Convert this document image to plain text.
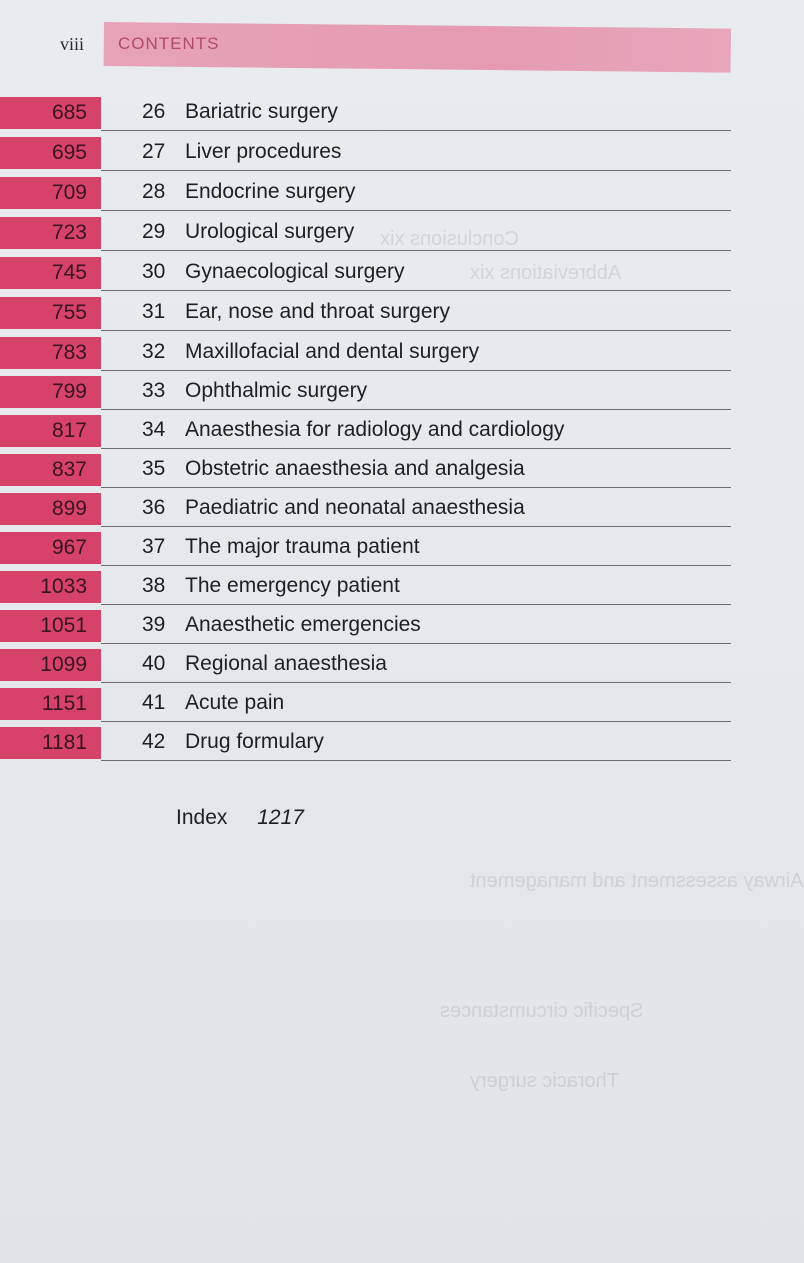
viii CONTENTS
Conclusions xix
Abbreviations xix
Airway assessment and management
Specific circumstances
Thoracic surgery
685	26 Bariatric surgery
695	27 Liver procedures
709	28 Endocrine surgery
723	29 Urological surgery
745	30 Gynaecological surgery
755	31 Ear, nose and throat surgery
783	32 Maxillofacial and dental surgery
799	33 Ophthalmic surgery
817	34 Anaesthesia for radiology and cardiology
837	35 Obstetric anaesthesia and analgesia
899	36 Paediatric and neonatal anaesthesia
967	37 The major trauma patient
1033	38 The emergency patient
1051	39 Anaesthetic emergencies
1099	40 Regional anaesthesia
1151	41 Acute pain
1181	42 Drug formulary
Index 1217
